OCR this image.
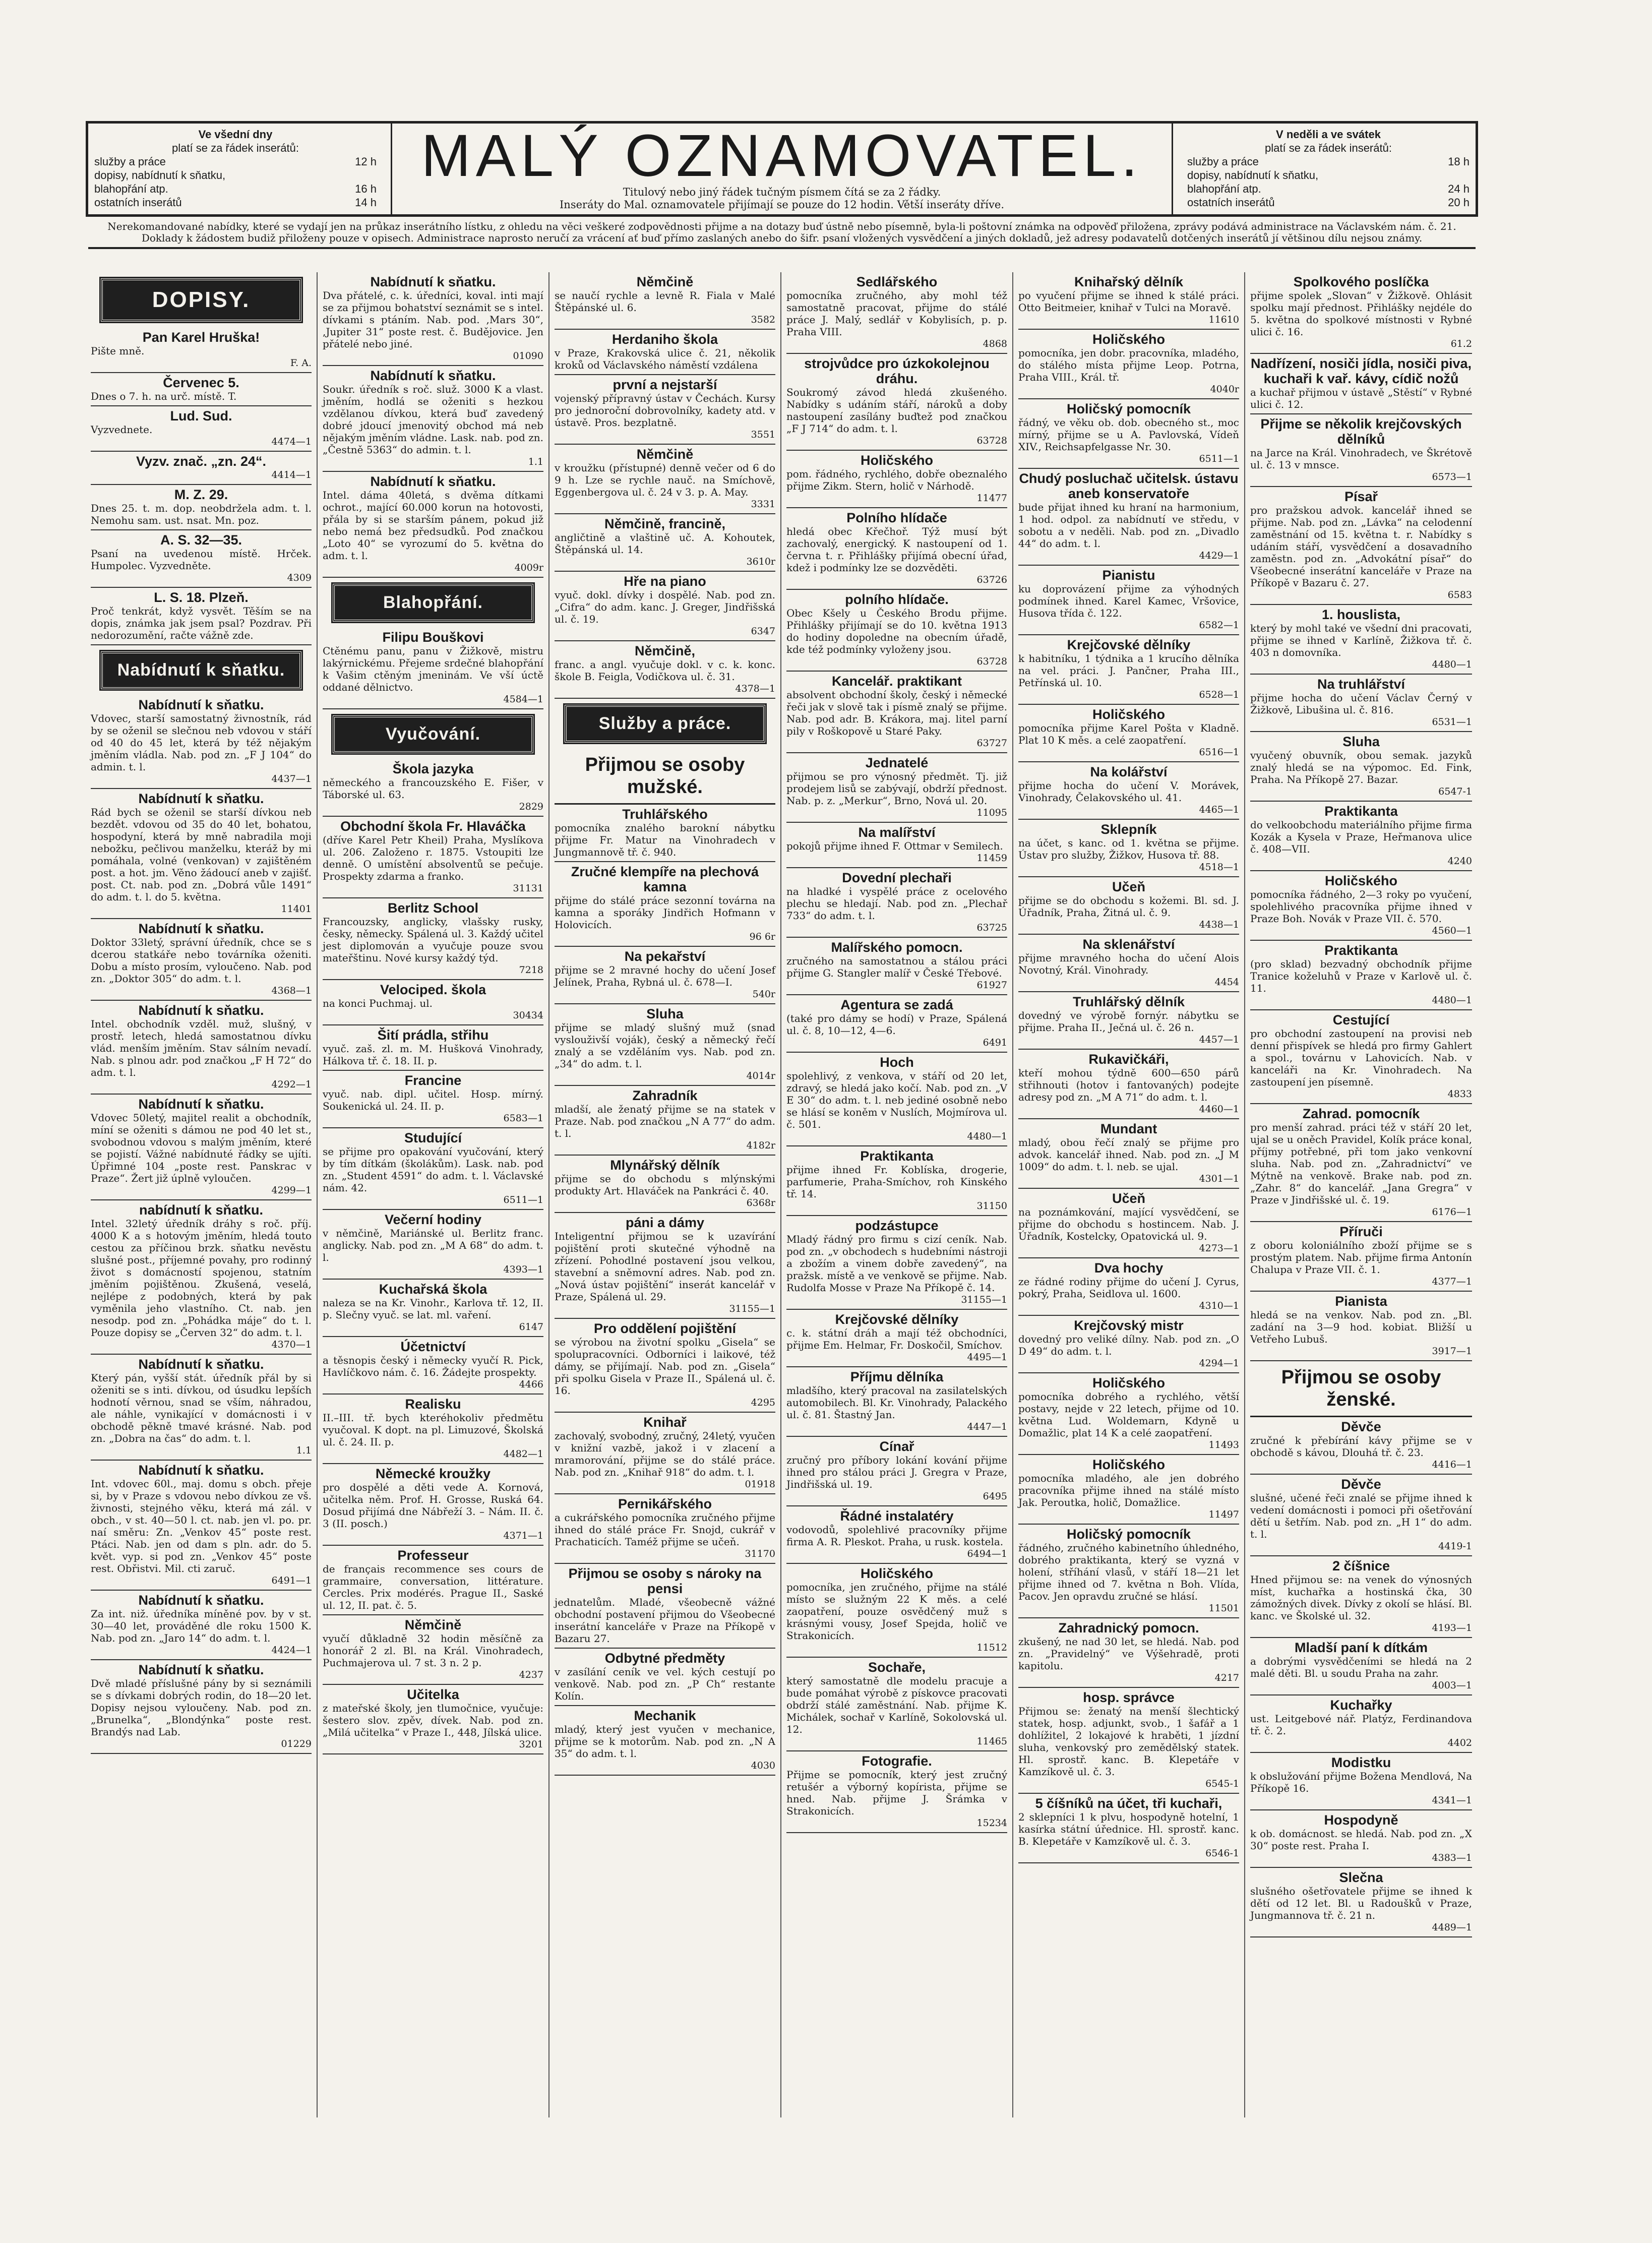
Ve všední dny
platí se za řádek inserátů:
služby a práce	12 h
dopisy, nabídnutí k sňatku,
blahopřání atp.	16 h
ostatních inserátů	14 h
MALÝ OZNAMOVATEL.
Titulový nebo jiný řádek tučným písmem čítá se za 2 řádky.
Inseráty do Mal. oznamovatele přijímají se pouze do 12 hodin. Větší inseráty dříve.
V neděli a ve svátek
platí se za řádek inserátů:
služby a práce	18 h
dopisy, nabídnutí k sňatku,
blahopřání atp.	24 h
ostatních inserátů	20 h
Nerekomandované nabídky, které se vydají jen na průkaz inserátního lístku, z ohledu na věci veškeré zodpovědnosti přijme a na dotazy buď ústně nebo písemně, byla-li poštovní známka na odpověď přiložena, zprávy podává administrace na Václavském nám. č. 21. Doklady k žádostem budiž přiloženy pouze v opisech. Administrace naprosto neručí za vrácení ať buď přímo zaslaných anebo do šifr. psaní vložených vysvědčení a jiných dokladů, jež adresy podavatelů dotčených inserátů jí většinou dílu nejsou známy.
DOPISY.
Pan Karel Hruška!
Pište mně.
F. A.
Červenec 5.
Dnes o 7. h. na urč. místě. T.
Lud. Sud.
Vyzvednete.
4474—1
Vyzv. znač. „zn. 24“.
4414—1
M. Z. 29.
Dnes 25. t. m. dop. neobdržela adm. t. l. Nemohu sam. ust. nsat. Mn. poz.
A. S. 32—35.
Psaní na uvedenou místě. Hrček. Humpolec. Vyzvedněte.
4309
L. S. 18. Plzeň.
Proč tenkrát, když vysvět. Těším se na dopis, známka jak jsem psal? Pozdrav. Při nedorozumění, račte vážně zde.
Nabídnutí k sňatku.
Nabídnutí k sňatku.
Vdovec, starší samostatný živnostník, rád by se oženil se slečnou neb vdovou v stáří od 40 do 45 let, která by též nějakým jměním vládla. Nab. pod zn. „F J 104“ do admin. t. l.
4437—1
Nabídnutí k sňatku.
Rád bych se oženil se starší dívkou neb bezdět. vdovou od 35 do 40 let, bohatou, hospodyní, která by mně nabradila moji nebožku, pečlivou manželku, kteráž by mi pomáhala, volné (venkovan) v zajištěném post. a hot. jm. Věno žádoucí aneb v zajišť. post. Ct. nab. pod zn. „Dobrá vůle 1491“ do adm. t. l. do 5. května.
11401
Nabídnutí k sňatku.
Doktor 33letý, správní úředník, chce se s dcerou statkáře nebo továrníka oženiti. Dobu a místo prosím, vyloučeno. Nab. pod zn. „Doktor 305“ do adm. t. l.
4368—1
Nabídnutí k sňatku.
Intel. obchodník vzděl. muž, slušný, v prostř. letech, hledá samostatnou dívku vlád. menším jměním. Stav sálním nevadí. Nab. s plnou adr. pod značkou „F H 72“ do adm. t. l.
4292—1
Nabídnutí k sňatku.
Vdovec 50letý, majitel realit a obchodník, míní se oženiti s dámou ne pod 40 let st., svobodnou vdovou s malým jměním, které se pojistí. Vážné nabídnuté řádky se ujíti. Úpřimné 104 „poste rest. Panskrac v Praze“. Žert již úplně vyloučen.
4299—1
nabídnutí k sňatku.
Intel. 32letý úředník dráhy s roč. příj. 4000 K a s hotovým jměním, hledá touto cestou za příčinou brzk. sňatku nevěstu slušné post., příjemné povahy, pro rodinný život s domácností spojenou, statním jměním pojištěnou. Zkušená, veselá, nejlépe z podobných, která by pak vyměnila jeho vlastního. Ct. nab. jen nesodp. pod zn. „Pohádka máje“ do t. l. Pouze dopisy se „Červen 32“ do adm. t. l.
4370—1
Nabídnutí k sňatku.
Který pán, vyšší stát. úředník přál by si oženiti se s inti. dívkou, od úsudku lepších hodnotí věrnou, snad se vším, náhradou, ale náhle, vynikající v domácnosti i v obchodě pěkně tmavé krásné. Nab. pod zn. „Dobra na čas“ do adm. t. l.
1.1
Nabídnutí k sňatku.
Int. vdovec 60l., maj. domu s obch. přeje si, by v Praze s vdovou nebo dívkou ze vš. živnosti, stejného věku, která má zál. v obch., v st. 40—50 l. ct. nab. jen vl. po. pr. naí směru: Zn. „Venkov 45“ poste rest. Ptáci. Nab. jen od dam s pln. adr. do 5. květ. vyp. si pod zn. „Venkov 45“ poste rest. Obřistvi. Mil. cti zaruč.
6491—1
Nabídnutí k sňatku.
Za int. niž. úředníka míněné pov. by v st. 30—40 let, prováděné dle roku 1500 K. Nab. pod zn. „Jaro 14“ do adm. t. l.
4424—1
Nabídnutí k sňatku.
Dvě mladé příslušné pány by si seznámili se s dívkami dobrých rodin, do 18—20 let. Dopisy nejsou vyloučeny. Nab. pod zn. „Brunelka“, „Blondýnka“ poste rest. Brandýs nad Lab.
01229
Nabídnutí k sňatku.
Dva přátelé, c. k. úředníci, koval. inti mají se za přijmou bohatství seznámit se s intel. dívkami s ptáním. Nab. pod. ,Mars 30“, ,Jupiter 31“ poste rest. č. Budějovice. Jen přátelé nebo jiné.
01090
Nabídnutí k sňatku.
Soukr. úředník s roč. služ. 3000 K a vlast. jměním, hodlá se oženiti s hezkou vzdělanou dívkou, která buď zavedený dobré jdoucí jmenovitý obchod má neb nějakým jměním vládne. Lask. nab. pod zn. „Čestně 5363“ do admin. t. l.
1.1
Nabídnutí k sňatku.
Intel. dáma 40letá, s dvěma dítkami ochrot., mající 60.000 korun na hotovosti, přála by si se starším pánem, pokud již nebo nemá bez předsudků. Pod značkou „Loto 40“ se vyrozumí do 5. května do adm. t. l.
4009r
Blahopřání.
Filipu Bouškovi
Ctěnému panu, panu v Žižkově, mistru lakýrnickému. Přejeme srdečné blahopřání k Vašim ctěným jmeninám. Ve vší úctě oddané dělnictvo.
4584—1
Vyučování.
Škola jazyka
německého a francouzského E. Fišer, v Táborské ul. 63.
2829
Obchodní škola Fr. Hlaváčka
(dříve Karel Petr Kheil) Praha, Myslíkova ul. 206. Založeno r. 1875. Vstoupiti lze denně. O umístění absolventů se pečuje. Prospekty zdarma a franko.
31131
Berlitz School
Francouzsky, anglicky, vlašsky rusky, česky, německy. Spálená ul. 3. Každý učitel jest diplomován a vyučuje pouze svou mateřštinu. Nové kursy každý týd.
7218
Velociped. škola
na konci Puchmaj. ul.
30434
Šití prádla, střihu
vyuč. zaš. zl. m. M. Hušková Vinohrady, Hálkova tř. č. 18. II. p.
Francine
vyuč. nab. dipl. učitel. Hosp. mírný. Soukenická ul. 24. II. p.
6583—1
Studující
se přijme pro opakování vyučování, který by tím dítkám (školákům). Lask. nab. pod zn. „Student 4591“ do adm. t. l. Václavské nám. 42.
6511—1
Večerní hodiny
v němčině, Mariánské ul. Berlitz franc. anglicky. Nab. pod zn. „M A 68“ do adm. t. l.
4393—1
Kuchařská škola
naleza se na Kr. Vinohr., Karlova tř. 12, II. p. Slečny vyuč. se lat. ml. vaření.
6147
Účetnictví
a těsnopis český i německy vyučí R. Pick, Havlíčkovo nám. č. 16. Žádejte prospekty.
4466
Realisku
II.–III. tř. bych kteréhokoliv předmětu vyučoval. K dopt. na pl. Limuzové, Školská ul. č. 24. II. p.
4482—1
Německé kroužky
pro dospělé a děti vede A. Kornová, učitelka něm. Prof. H. Grosse, Ruská 64. Dosud přijímá dne Nábřeží 3. – Nám. II. č. 3 (II. posch.)
4371—1
Professeur
de français recommence ses cours de grammaire, conversation, littérature. Cercles. Prix modérés. Prague II., Saské ul. 12, II. pat. č. 5.
Němčině
vyučí důkladně 32 hodin měsíčně za honorář 2 zl. Bl. na Král. Vinohradech, Puchmajerova ul. 7 st. 3 n. 2 p.
4237
Učitelka
z mateřské školy, jen tlumočnice, vyučuje: šestero slov. zpěv, dívek. Nab. pod zn. „Milá učitelka“ v Praze I., 448, Jílská ulice.
3201
Němčině
se naučí rychle a levně R. Fiala v Malé Štěpánské ul. 6.
3582
Herdaniho škola
v Praze, Krakovská ulice č. 21, několik kroků od Václavského náměstí vzdálena
první a nejstarší
vojenský přípravný ústav v Čechách. Kursy pro jednoroční dobrovolníky, kadety atd. v ústavě. Pros. bezplatně.
3551
Němčině
v kroužku (přístupné) denně večer od 6 do 9 h. Lze se rychle nauč. na Smíchově, Eggenbergova ul. č. 24 v 3. p. A. May.
3331
Němčině, francině,
angličtině a vlaštině uč. A. Kohoutek, Štěpánská ul. 14.
3610r
Hře na piano
vyuč. dokl. dívky i dospělé. Nab. pod zn. „Cifra“ do adm. kanc. J. Greger, Jindřišská ul. č. 19.
6347
Němčině,
franc. a angl. vyučuje dokl. v c. k. konc. škole B. Feigla, Vodičkova ul. č. 31.
4378—1
Služby a práce.
Přijmou se osoby mužské.
Truhlářského
pomocníka znalého barokní nábytku přijme Fr. Matur na Vinohradech v Jungmannově tř. č. 940.
Zručné klempíře na plechová kamna
přijme do stálé práce sezonní továrna na kamna a sporáky Jindřich Hofmann v Holovicích.
96 6r
Na pekařství
přijme se 2 mravné hochy do učení Josef Jelínek, Praha, Rybná ul. č. 678—I.
540r
Sluha
přijme se mladý slušný muž (snad vyslouživší voják), český a německý řečí znalý a se vzděláním vys. Nab. pod zn. „34“ do adm. t. l.
4014r
Zahradník
mladší, ale ženatý přijme se na statek v Praze. Nab. pod značkou „N A 77“ do adm. t. l.
4182r
Mlynářský dělník
přijme se do obchodu s mlýnskými produkty Art. Hlaváček na Pankráci č. 40.
6368r
páni a dámy
Inteligentní přijmou se k uzavírání pojištění proti skutečné výhodně na zřízení. Pohodlné postavení jsou velkou, stavební a sněmovní adres. Nab. pod zn. „Nová ústav pojištění“ inserát kancelář v Praze, Spálená ul. 29.
31155—1
Pro oddělení pojištění
se výrobou na životní spolku „Gisela“ se spolupracovníci. Odborníci i laikové, též dámy, se přijímají. Nab. pod zn. „Gisela“ při spolku Gisela v Praze II., Spálená ul. č. 16.
4295
Knihař
zachovalý, svobodný, zručný, 24letý, vyučen v knižní vazbě, jakož i v zlacení a mramorování, přijme se do stálé práce. Nab. pod zn. „Knihař 918“ do adm. t. l.
01918
Pernikářského
a cukrářského pomocníka zručného přijme ihned do stálé práce Fr. Snojd, cukrář v Prachaticích. Taméž přijme se učeň.
31170
Přijmou se osoby s nároky na pensi
jednatelům. Mladé, všeobecně vážné obchodní postavení přijmou do Všeobecné inserátní kanceláře v Praze na Příkopě v Bazaru 27.
Odbytné předměty
v zasílání ceník ve vel. kých cestují po venkově. Nab. pod zn. „P Ch“ restante Kolín.
Mechanik
mladý, který jest vyučen v mechanice, přijme se k motorům. Nab. pod zn. „N A 35“ do adm. t. l.
4030
Sedlářského
pomocníka zručného, aby mohl též samostatně pracovat, přijme do stálé práce J. Malý, sedlář v Kobylisích, p. p. Praha VIII.
4868
strojvůdce pro úzkokolejnou dráhu.
Soukromý závod hledá zkušeného. Nabídky s udáním stáří, nároků a doby nastoupení zasílány buďtež pod značkou „F J 714“ do adm. t. l.
63728
Holičského
pom. řádného, rychlého, dobře obeznalého přijme Zikm. Stern, holič v Nárhodě.
11477
Polního hlídače
hledá obec Křečhoř. Týž musí být zachovalý, energický. K nastoupení od 1. června t. r. Přihlášky přijímá obecní úřad, kdež i podmínky lze se dozvěděti.
63726
polního hlídače.
Obec Kšely u Českého Brodu přijme. Přihlášky přijímají se do 10. května 1913 do hodiny dopoledne na obecním úřadě, kde též podmínky vyloženy jsou.
63728
Kancelář. praktikant
absolvent obchodní školy, český i německé řeči jak v slově tak i písmě znalý se přijme. Nab. pod adr. B. Krákora, maj. litel parní pily v Roškopově u Staré Paky.
63727
Jednatelé
přijmou se pro výnosný předmět. Tj. již prodejem lisů se zabývají, obdrží přednost. Nab. p. z. „Merkur“, Brno, Nová ul. 20.
11095
Na malířství
pokojů přijme ihned F. Ottmar v Semilech.
11459
Dovední plechaři
na hladké i vyspělé práce z ocelového plechu se hledají. Nab. pod zn. „Plechař 733“ do adm. t. l.
63725
Malířského pomocn.
zručného na samostatnou a stálou práci přijme G. Stangler malíř v České Třebové.
61927
Agentura se zadá
(také pro dámy se hodí) v Praze, Spálená ul. č. 8, 10—12, 4—6.
6491
Hoch
spolehlivý, z venkova, v stáří od 20 let, zdravý, se hledá jako kočí. Nab. pod zn. „V E 30“ do adm. t. l. neb jediné osobně nebo se hlásí se koněm v Nuslích, Mojmírova ul. č. 501.
4480—1
Praktikanta
přijme ihned Fr. Koblíska, drogerie, parfumerie, Praha-Smíchov, roh Kinského tř. 14.
31150
podzástupce
Mladý řádný pro firmu s cizí ceník. Nab. pod zn. „v obchodech s hudebními nástroji a zbožím a vinem dobře zavedený“, na pražsk. místě a ve venkově se přijme. Nab. Rudolfa Mosse v Praze Na Příkopě č. 14.
31155—1
Krejčovské dělníky
c. k. státní dráh a mají též obchodníci, přijme Em. Helmar, Fr. Doskočil, Smíchov.
4495—1
Příjmu dělníka
mladšího, který pracoval na zasilatelských automobilech. Bl. Kr. Vinohrady, Palackého ul. č. 81. Štastný Jan.
4447—1
Cínař
zručný pro příbory lokání kování přijme ihned pro stálou práci J. Gregra v Praze, Jindřišská ul. 19.
6495
Řádné instalatéry
vodovodů, spolehlivé pracovníky přijme firma A. R. Pleskot. Praha, u rusk. kostela.
6494—1
Holičského
pomocníka, jen zručného, přijme na stálé místo se služným 22 K měs. a celé zaopatření, pouze osvědčený muž s krásnými vousy, Josef Spejda, holič ve Strakonicích.
11512
Sochaře,
který samostatně dle modelu pracuje a bude pomáhat výrobě z pískovce pracovati obdrží stálé zaměstnání. Nab. přijme K. Michálek, sochař v Karlíně, Sokolovská ul. 12.
11465
Fotografie.
Přijme se pomocník, který jest zručný retušér a výborný kopírista, přijme se hned. Nab. přijme J. Šrámka v Strakonicích.
15234
Knihařský dělník
po vyučení přijme se ihned k stálé práci. Otto Beitmeier, knihař v Tulci na Moravě.
11610
Holičského
pomocníka, jen dobr. pracovníka, mladého, do stálého místa přijme Leop. Potrna, Praha VIII., Král. tř.
4040r
Holičský pomocník
řádný, ve věku ob. dob. obecného st., moc mírný, přijme se u A. Pavlovská, Vídeň XIV., Reichsapfelgasse Nr. 30.
6511—1
Chudý posluchač učitelsk. ústavu aneb konservatoře
bude přijat ihned ku hraní na harmonium, 1 hod. odpol. za nabídnutí ve středu, v sobotu a v neděli. Nab. pod zn. „Divadlo 44“ do adm. t. l.
4429—1
Pianistu
ku doprovázení přijme za výhodných podmínek ihned. Karel Kamec, Vršovice, Husova třída č. 122.
6582—1
Krejčovské dělníky
k habitníku, 1 týdnika a 1 krucího dělníka na vel. práci. J. Pančner, Praha III., Petřínská ul. 10.
6528—1
Holičského
pomocníka přijme Karel Pošta v Kladně. Plat 10 K měs. a celé zaopatření.
6516—1
Na kolářství
přijme hocha do učení V. Morávek, Vinohrady, Čelakovského ul. 41.
4465—1
Sklepník
na účet, s kanc. od 1. května se přijme. Ústav pro služby, Žižkov, Husova tř. 88.
4518—1
Učeň
přijme se do obchodu s kožemi. Bl. sd. J. Úřadník, Praha, Žitná ul. č. 9.
4438—1
Na sklenářství
přijme mravného hocha do učení Alois Novotný, Král. Vinohrady.
4454
Truhlářský dělník
dovedný ve výrobě fornýr. nábytku se přijme. Praha II., Ječná ul. č. 26 n.
4457—1
Rukavičkáři,
kteří mohou týdně 600—650 párů střihnouti (hotov i fantovaných) podejte adresy pod zn. „M A 71“ do adm. t. l.
4460—1
Mundant
mladý, obou řečí znalý se přijme pro advok. kancelář ihned. Nab. pod zn. „J M 1009“ do adm. t. l. neb. se ujal.
4301—1
Učeň
na poznámkování, mající vysvědčení, se přijme do obchodu s hostincem. Nab. J. Úřadník, Kostelcky, Opatovická ul. 9.
4273—1
Dva hochy
ze řádné rodiny přijme do učení J. Cyrus, pokrý, Praha, Seidlova ul. 1600.
4310—1
Krejčovský mistr
dovedný pro veliké dílny. Nab. pod zn. „O D 49“ do adm. t. l.
4294—1
Holičského
pomocníka dobrého a rychlého, větší postavy, nejde v 22 letech, přijme od 10. května Lud. Woldemarn, Kdyně u Domažlic, plat 14 K a celé zaopatření.
11493
Holičského
pomocníka mladého, ale jen dobrého pracovníka přijme ihned na stálé místo Jak. Peroutka, holič, Domažlice.
11497
Holičský pomocník
řádného, zručného kabinetního úhledného, dobrého praktikanta, který se vyzná v holení, stříhání vlasů, v stáří 18—21 let přijme ihned od 7. května n Boh. Vlída, Pacov. Jen opravdu zručné se hlásí.
11501
Zahradnický pomocn.
zkušený, ne nad 30 let, se hledá. Nab. pod zn. „Pravidelný“ ve Výšehradě, proti kapitolu.
4217
hosp. správce
Přijmou se: ženatý na menší šlechtický statek, hosp. adjunkt, svob., 1 šafář a 1 dohlížitel, 2 lokajové k hraběti, 1 jízdní sluha, venkovský pro zemědělský statek. Hl. sprostř. kanc. B. Klepetáře v Kamzíkově ul. č. 3.
6545-1
5 číšníků na účet, tři kuchaři,
2 sklepníci 1 k plvu, hospodyně hotelní, 1 kasírka státní úřednice. Hl. sprostř. kanc. B. Klepetáře v Kamzíkově ul. č. 3.
6546-1
Spolkového poslíčka
přijme spolek „Slovan“ v Žižkově. Ohlásit spolku mají přednost. Přihlášky nejdéle do 5. května do spolkové místnosti v Rybné ulici č. 16.
61.2
Nadřízení, nosiči jídla, nosiči piva, kuchaři k vař. kávy, cídič nožů
a kuchař přijmou v ústavě „Stěstí“ v Rybné ulici č. 12.
Přijme se několik krejčovských dělníků
na Jarce na Král. Vinohradech, ve Škrétově ul. č. 13 v mnsce.
6573—1
Písař
pro pražskou advok. kancelář ihned se přijme. Nab. pod zn. „Lávka“ na celodenní zaměstnání od 15. května t. r. Nabídky s udáním stáří, vysvědčení a dosavadního zaměstn. pod zn. „Advokátní písař“ do Všeobecné inserátní kanceláře v Praze na Příkopě v Bazaru č. 27.
6583
1. houslista,
který by mohl také ve všední dni pracovati, přijme se ihned v Karlíně, Žižkova tř. č. 403 n domovníka.
4480—1
Na truhlářství
přijme hocha do učení Václav Černý v Žižkově, Libušina ul. č. 816.
6531—1
Sluha
vyučený obuvník, obou semak. jazyků znalý hledá se na výpomoc. Ed. Fink, Praha. Na Příkopě 27. Bazar.
6547-1
Praktikanta
do velkoobchodu materiálního přijme firma Kozák a Kysela v Praze, Heřmanova ulice č. 408—VII.
4240
Holičského
pomocníka řádného, 2—3 roky po vyučení, spolehlivého pracovníka přijme ihned v Praze Boh. Novák v Praze VII. č. 570.
4560—1
Praktikanta
(pro sklad) bezvadný obchodník přijme Tranice koželuhů v Praze v Karlově ul. č. 11.
4480—1
Cestující
pro obchodní zastoupení na provisi neb denní přispívek se hledá pro firmy Gahlert a spol., továrnu v Lahovicích. Nab. v kanceláři na Kr. Vinohradech. Na zastoupení jen písemně.
4833
Zahrad. pomocník
pro menší zahrad. práci též v stáří 20 let, ujal se u oněch Pravidel, Kolík práce konal, příjmy potřebné, při tom jako venkovní sluha. Nab. pod zn. „Zahradnictví“ ve Mýtně na venkově. Brake nab. pod zn. „Zahr. 8“ do kancelář. „Jana Gregra“ v Praze v Jindřišské ul. č. 19.
6176—1
Příruči
z oboru koloniálního zboží přijme se s prostým platem. Nab. přijme firma Antonín Chalupa v Praze VII. č. 1.
4377—1
Pianista
hledá se na venkov. Nab. pod zn. „Bl. zadání na 3—9 hod. kobiat. Bližší u Vetřeho Lubuš.
3917—1
Přijmou se osoby ženské.
Děvče
zručné k přebírání kávy přijme se v obchodě s kávou, Dlouhá tř. č. 23.
4416—1
Děvče
slušné, učené řeči znalé se přijme ihned k vedení domácnosti i pomoci při ošetřování dětí u šetřím. Nab. pod zn. „H 1“ do adm. t. l.
4419-1
2 číšnice
Hned přijmou se: na venek do výnosných míst, kuchařka a hostinská čka, 30 zámožných divek. Dívky z okolí se hlásí. Bl. kanc. ve Školské ul. 32.
4193—1
Mladší paní k dítkám
a dobrými vysvědčeními se hledá na 2 malé děti. Bl. u soudu Praha na zahr.
4003—1
Kuchařky
ust. Leitgebové nář. Platýz, Ferdinandova tř. č. 2.
4402
Modistku
k obslužování přijme Božena Mendlová, Na Příkopě 16.
4341—1
Hospodyně
k ob. domácnost. se hledá. Nab. pod zn. „X 30“ poste rest. Praha I.
4383—1
Slečna
slušného ošetřovatele přijme se ihned k dětí od 12 let. Bl. u Radoušků v Praze, Jungmannova tř. č. 21 n.
4489—1
